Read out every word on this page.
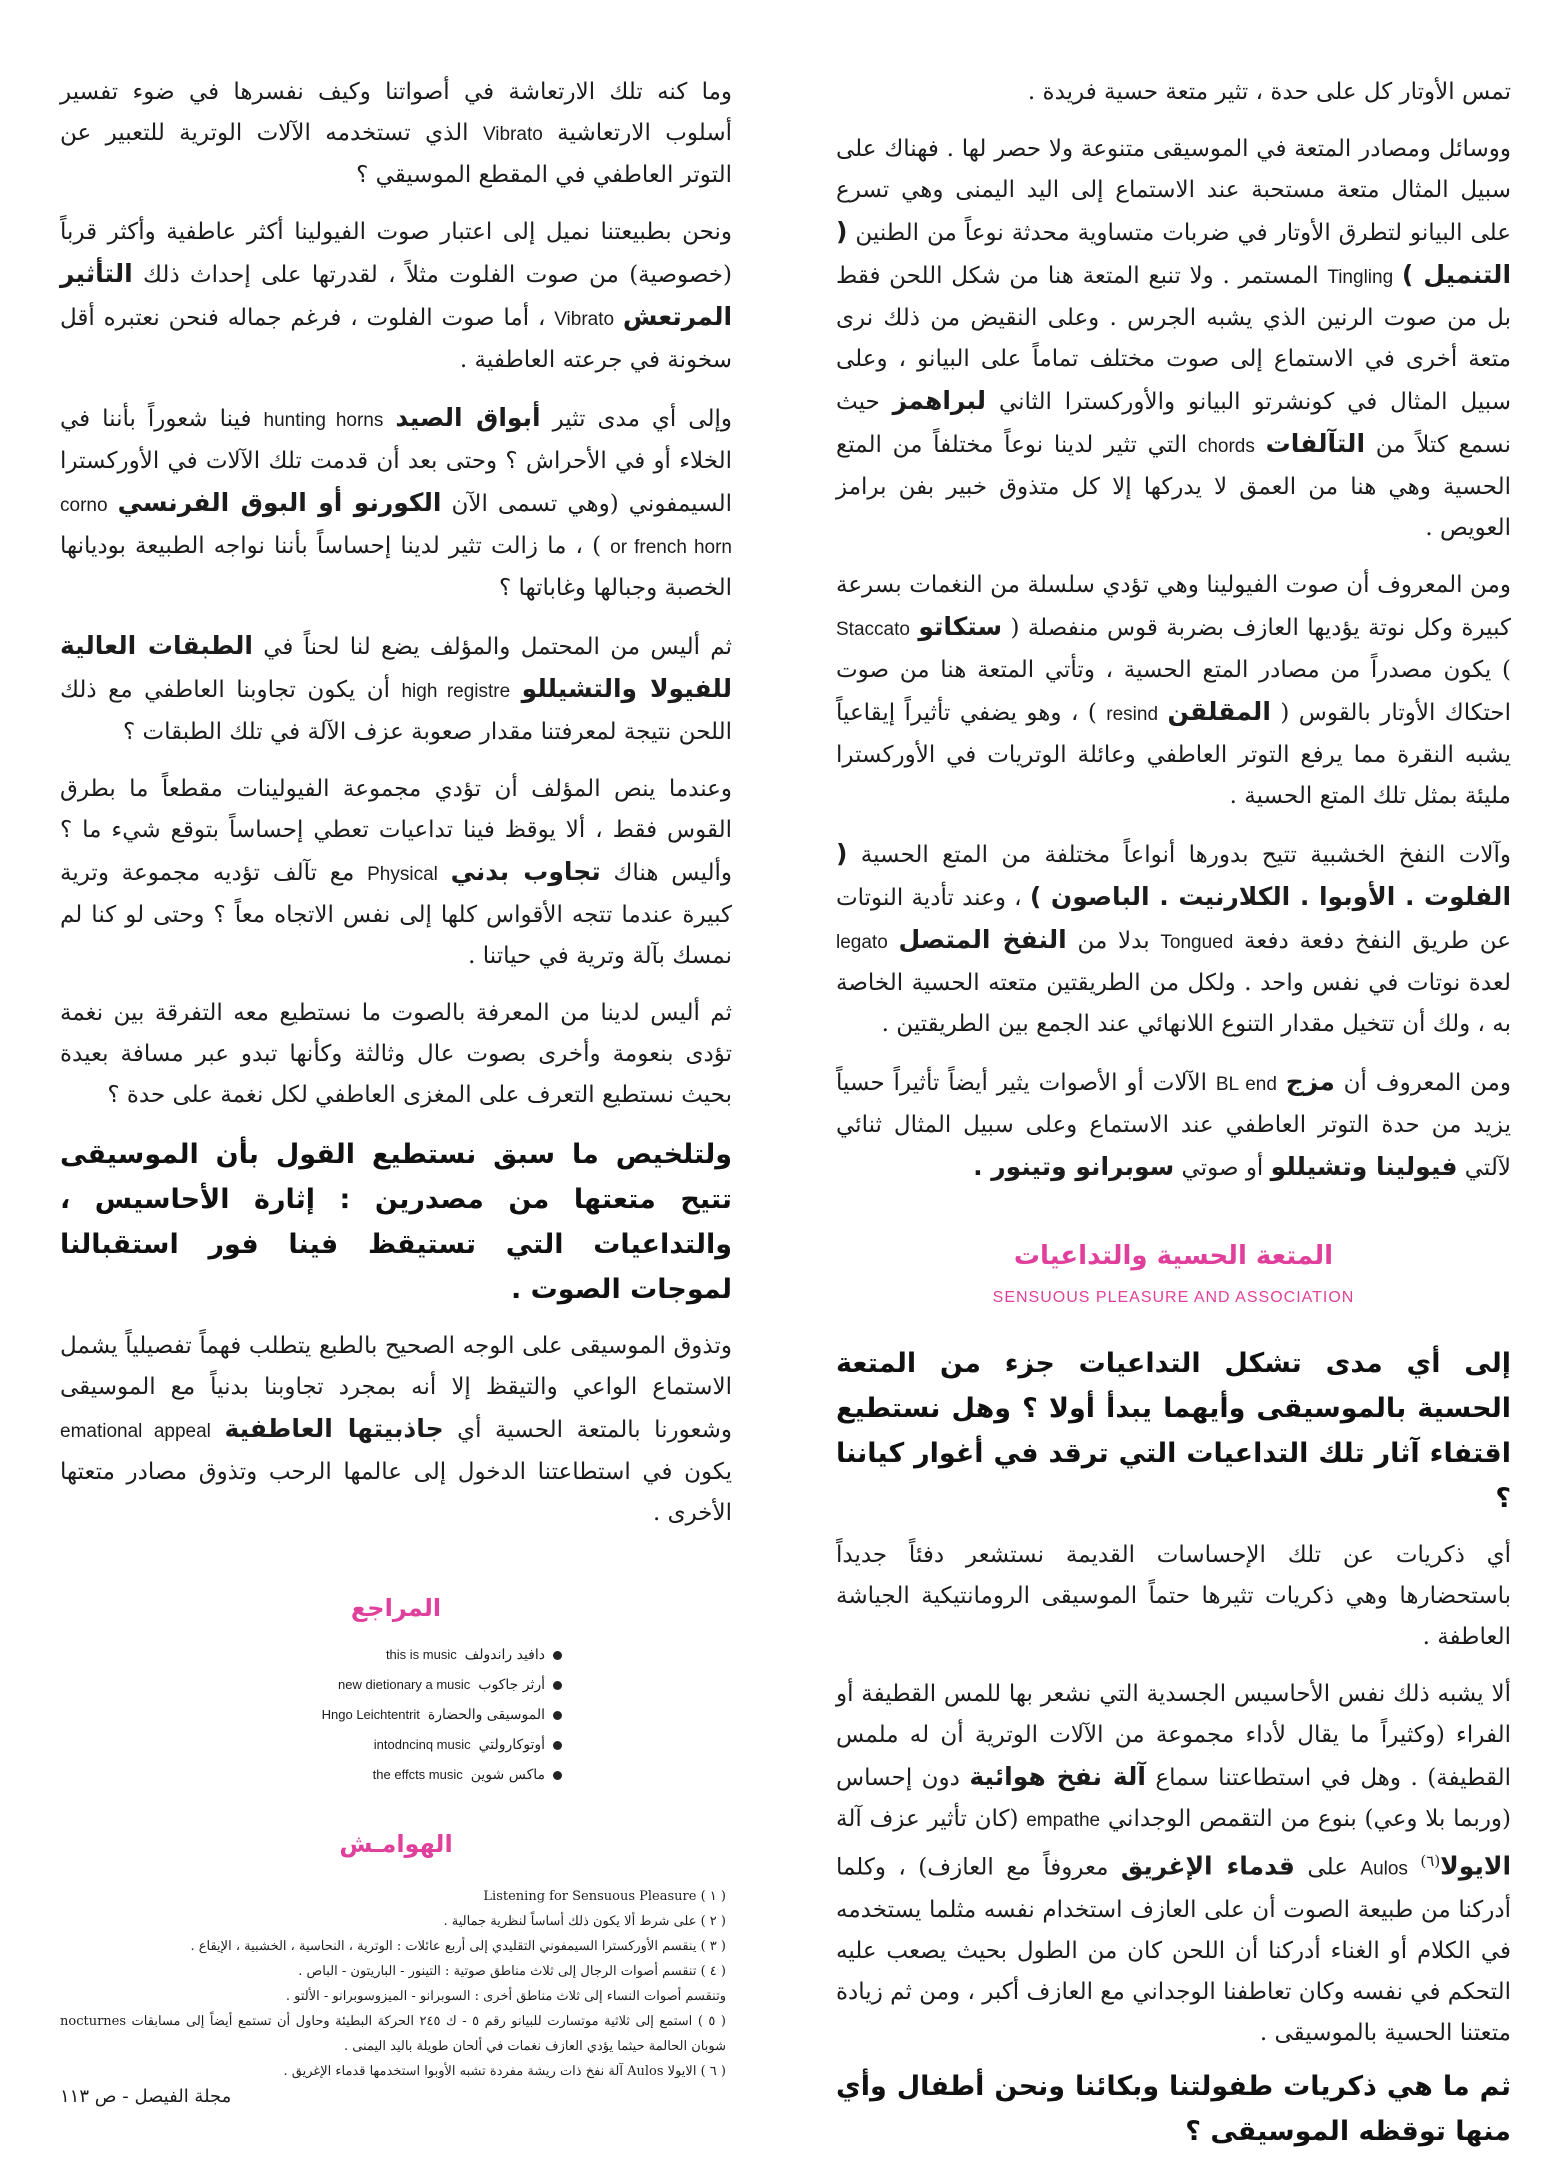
تمس الأوتار كل على حدة ، تثير متعة حسية فريدة .

ووسائل ومصادر المتعة في الموسيقى متنوعة ولا حصر لها . فهناك على سبيل المثال متعة مستحبة عند الاستماع إلى اليد اليمنى وهي تسرع على البيانو لتطرق الأوتار في ضربات متساوية محدثة نوعاً من الطنين ( التنميل ) Tingling المستمر . ولا تنبع المتعة هنا من شكل اللحن فقط بل من صوت الرنين الذي يشبه الجرس . وعلى النقيض من ذلك نرى متعة أخرى في الاستماع إلى صوت مختلف تماماً على البيانو ، وعلى سبيل المثال في كونشرتو البيانو والأوركسترا الثاني لبراهمز حيث نسمع كتلاً من التآلفات chords التي تثير لدينا نوعاً مختلفاً من المتع الحسية وهي هنا من العمق لا يدركها إلا كل متذوق خبير بفن برامز العويص .

ومن المعروف أن صوت الفيولينا وهي تؤدي سلسلة من النغمات بسرعة كبيرة وكل نوتة يؤديها العازف بضربة قوس منفصلة ( ستكاتو Staccato ) يكون مصدراً من مصادر المتع الحسية ، وتأتي المتعة هنا من صوت احتكاك الأوتار بالقوس ( المقلقن resind ) ، وهو يضفي تأثيراً إيقاعياً يشبه النقرة مما يرفع التوتر العاطفي وعائلة الوتريات في الأوركسترا مليئة بمثل تلك المتع الحسية .

وآلات النفخ الخشبية تتيح بدورها أنواعاً مختلفة من المتع الحسية ( الفلوت . الأوبوا . الكلارنيت . الباصون ) ، وعند تأدية النوتات عن طريق النفخ دفعة دفعة Tongued بدلا من النفخ المتصل legato لعدة نوتات في نفس واحد . ولكل من الطريقتين متعته الحسية الخاصة به ، ولك أن تتخيل مقدار التنوع اللانهائي عند الجمع بين الطريقتين .

ومن المعروف أن مزج BL end الآلات أو الأصوات يثير أيضاً تأثيراً حسياً يزيد من حدة التوتر العاطفي عند الاستماع وعلى سبيل المثال ثنائي لآلتي فيولينا وتشيللو أو صوتي سوبرانو وتينور .

المتعة الحسية والتداعيات
SENSUOUS PLEASURE AND ASSOCIATION

إلى أي مدى تشكل التداعيات جزء من المتعة الحسية بالموسيقى وأيهما يبدأ أولا ؟ وهل نستطيع اقتفاء آثار تلك التداعيات التي ترقد في أغوار كياننا ؟

أي ذكريات عن تلك الإحساسات القديمة نستشعر دفئاً جديداً باستحضارها وهي ذكريات تثيرها حتماً الموسيقى الرومانتيكية الجياشة العاطفة .

ألا يشبه ذلك نفس الأحاسيس الجسدية التي نشعر بها للمس القطيفة أو الفراء (وكثيراً ما يقال لأداء مجموعة من الآلات الوترية أن له ملمس القطيفة) . وهل في استطاعتنا سماع آلة نفخ هوائية دون إحساس (وربما بلا وعي) بنوع من التقمص الوجداني empathe (كان تأثير عزف آلة الايولا$^{(٦)}$ Aulos على قدماء الإغريق معروفاً مع العازف) ، وكلما أدركنا من طبيعة الصوت أن على العازف استخدام نفسه مثلما يستخدمه في الكلام أو الغناء أدركنا أن اللحن كان من الطول بحيث يصعب عليه التحكم في نفسه وكان تعاطفنا الوجداني مع العازف أكبر ، ومن ثم زيادة متعتنا الحسية بالموسيقى .

ثم ما هي ذكريات طفولتنا وبكائنا ونحن أطفال وأي منها توقظه الموسيقى ؟

وما كنه تلك الارتعاشة في أصواتنا وكيف نفسرها في ضوء تفسير أسلوب الارتعاشية Vibrato الذي تستخدمه الآلات الوترية للتعبير عن التوتر العاطفي في المقطع الموسيقي ؟

ونحن بطبيعتنا نميل إلى اعتبار صوت الفيولينا أكثر عاطفية وأكثر قرباً (خصوصية) من صوت الفلوت مثلاً ، لقدرتها على إحداث ذلك التأثير المرتعش Vibrato ، أما صوت الفلوت ، فرغم جماله فنحن نعتبره أقل سخونة في جرعته العاطفية .

وإلى أي مدى تثير أبواق الصيد hunting horns فينا شعوراً بأننا في الخلاء أو في الأحراش ؟ وحتى بعد أن قدمت تلك الآلات في الأوركسترا السيمفوني (وهي تسمى الآن الكورنو أو البوق الفرنسي corno or french horn ) ، ما زالت تثير لدينا إحساساً بأننا نواجه الطبيعة بوديانها الخصبة وجبالها وغاباتها ؟

ثم أليس من المحتمل والمؤلف يضع لنا لحناً في الطبقات العالية للفيولا والتشيللو high registre أن يكون تجاوبنا العاطفي مع ذلك اللحن نتيجة لمعرفتنا مقدار صعوبة عزف الآلة في تلك الطبقات ؟

وعندما ينص المؤلف أن تؤدي مجموعة الفيولينات مقطعاً ما بطرق القوس فقط ، ألا يوقظ فينا تداعيات تعطي إحساساً بتوقع شيء ما ؟ وأليس هناك تجاوب بدني Physical مع تآلف تؤديه مجموعة وترية كبيرة عندما تتجه الأقواس كلها إلى نفس الاتجاه معاً ؟ وحتى لو كنا لم نمسك بآلة وترية في حياتنا .

ثم أليس لدينا من المعرفة بالصوت ما نستطيع معه التفرقة بين نغمة تؤدى بنعومة وأخرى بصوت عال وثالثة وكأنها تبدو عبر مسافة بعيدة بحيث نستطيع التعرف على المغزى العاطفي لكل نغمة على حدة ؟

ولتلخيص ما سبق نستطيع القول بأن الموسيقى تتيح متعتها من مصدرين : إثارة الأحاسيس ، والتداعيات التي تستيقظ فينا فور استقبالنا لموجات الصوت .

وتذوق الموسيقى على الوجه الصحيح بالطبع يتطلب فهماً تفصيلياً يشمل الاستماع الواعي والتيقظ إلا أنه بمجرد تجاوبنا بدنياً مع الموسيقى وشعورنا بالمتعة الحسية أي جاذبيتها العاطفية emational appeal يكون في استطاعتنا الدخول إلى عالمها الرحب وتذوق مصادر متعتها الأخرى .

المراجع
دافيد راندولف
this is music
أرثر جاكوب
new dietionary a music
الموسيقى والحضارة
Hngo Leichtentrit
أوتوكارولتي
intodncinq music
ماكس شوين
the effcts music
الهوامـش
( ١ ) Listening for Sensuous Pleasure
( ٢ ) على شرط ألا يكون ذلك أساساً لنظرية جمالية .
( ٣ ) ينقسم الأوركسترا السيمفوني التقليدي إلى أربع عائلات : الوترية ، النحاسية ، الخشبية ، الإيقاع .
( ٤ ) تنقسم أصوات الرجال إلى ثلاث مناطق صوتية : التينور - الباريتون - الباص .
وتنقسم أصوات النساء إلى ثلاث مناطق أخرى : السوبرانو - الميزوسوبرانو - الألتو .
( ٥ ) استمع إلى ثلاثية موتسارت للبيانو رقم ٥ - ك ٢٤٥ الحركة البطيئة وحاول أن تستمع أيضاً إلى مسابقات nocturnes شوبان الحالمة حيثما يؤدي العازف نغمات في ألحان طويلة باليد اليمنى .
( ٦ ) الايولا Aulos آلة نفخ ذات ريشة مفردة تشبه الأوبوا استخدمها قدماء الإغريق .
مجلة الفيصل - ص ١١٣
